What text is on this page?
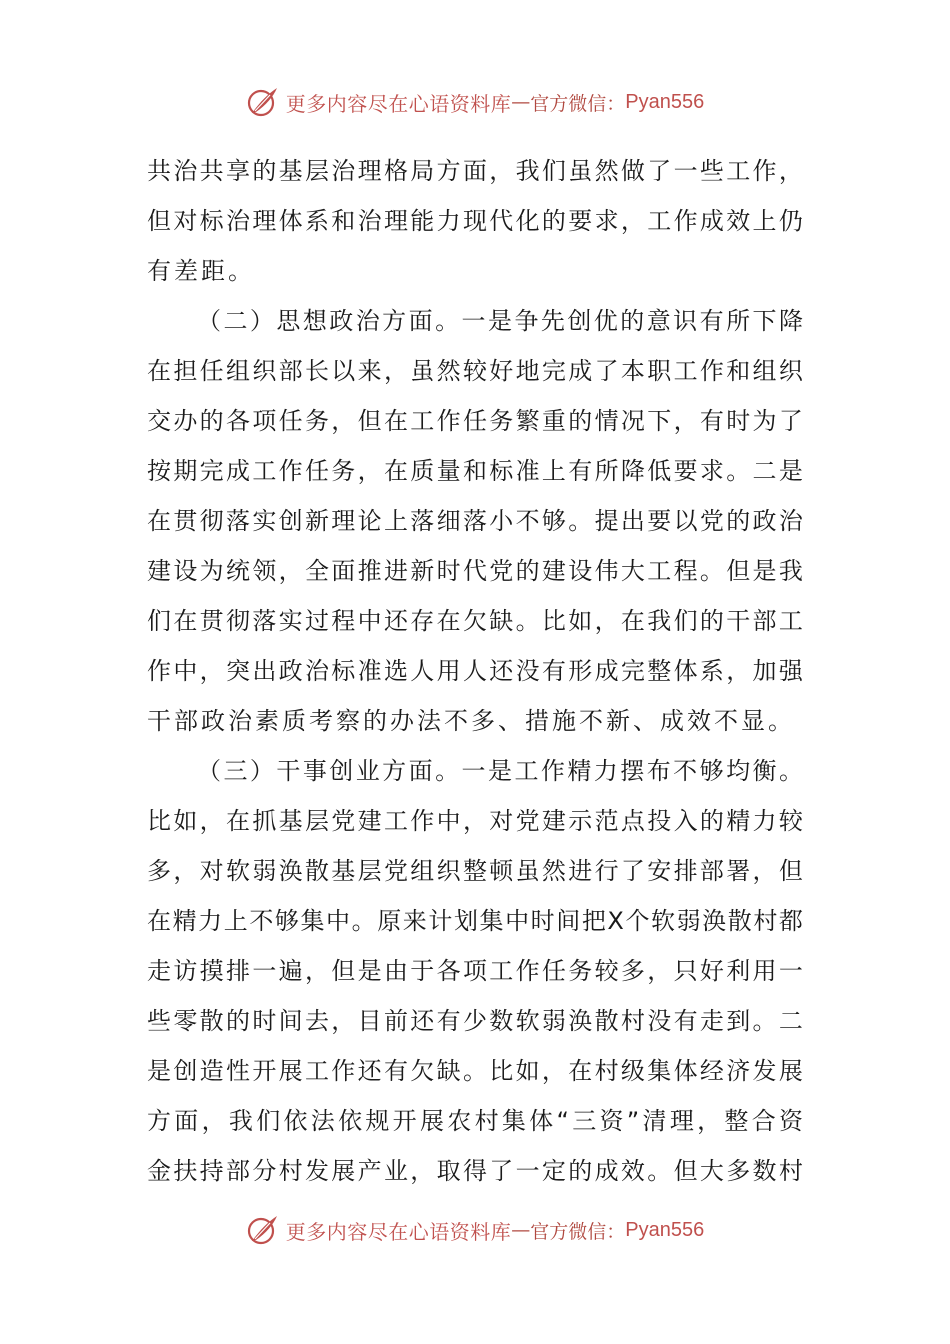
更多内容尽在心语资料库 — 官方微信： Pyan556
共 治 共 享 的 基 层 治 理 格 局 方 面 ， 我 们 虽 然 做 了 一 些 工 作 ，
但 对 标 治 理 体 系 和 治 理 能 力 现 代 化 的 要 求 ， 工 作 成 效 上 仍
有差距。
（ 二 ） 思 想 政 治 方 面 。 一 是 争 先 创 优 的 意 识 有 所 下 降
在 担 任 组 织 部 长 以 来 ， 虽 然 较 好 地 完 成 了 本 职 工 作 和 组 织
交 办 的 各 项 任 务 ， 但 在 工 作 任 务 繁 重 的 情 况 下 ， 有 时 为 了
按 期 完 成 工 作 任 务 ， 在 质 量 和 标 准 上 有 所 降 低 要 求 。 二 是
在 贯 彻 落 实 创 新 理 论 上 落 细 落 小 不 够 。 提 出 要 以 党 的 政 治
建 设 为 统 领 ， 全 面 推 进 新 时 代 党 的 建 设 伟 大 工 程 。 但 是 我
们 在 贯 彻 落 实 过 程 中 还 存 在 欠 缺 。 比 如 ， 在 我 们 的 干 部 工
作 中 ， 突 出 政 治 标 准 选 人 用 人 还 没 有 形 成 完 整 体 系 ， 加 强
干部政治素质考察的办法不多、措施不新、成效不显。
（ 三 ） 干 事 创 业 方 面 。 一 是 工 作 精 力 摆 布 不 够 均 衡 。
比 如 ， 在 抓 基 层 党 建 工 作 中 ， 对 党 建 示 范 点 投 入 的 精 力 较
多 ， 对 软 弱 涣 散 基 层 党 组 织 整 顿 虽 然 进 行 了 安 排 部 署 ， 但
在 精 力 上 不 够 集 中 。 原 来 计 划 集 中 时 间 把 X 个 软 弱 涣 散 村 都
走 访 摸 排 一 遍 ， 但 是 由 于 各 项 工 作 任 务 较 多 ， 只 好 利 用 一
些 零 散 的 时 间 去 ， 目 前 还 有 少 数 软 弱 涣 散 村 没 有 走 到 。 二
是 创 造 性 开 展 工 作 还 有 欠 缺 。 比 如 ， 在 村 级 集 体 经 济 发 展
方 面 ， 我 们 依 法 依 规 开 展 农 村 集 体 “ 三 资 ” 清 理 ， 整 合 资
金 扶 持 部 分 村 发 展 产 业 ， 取 得 了 一 定 的 成 效 。 但 大 多 数 村
更多内容尽在心语资料库 — 官方微信： Pyan556
